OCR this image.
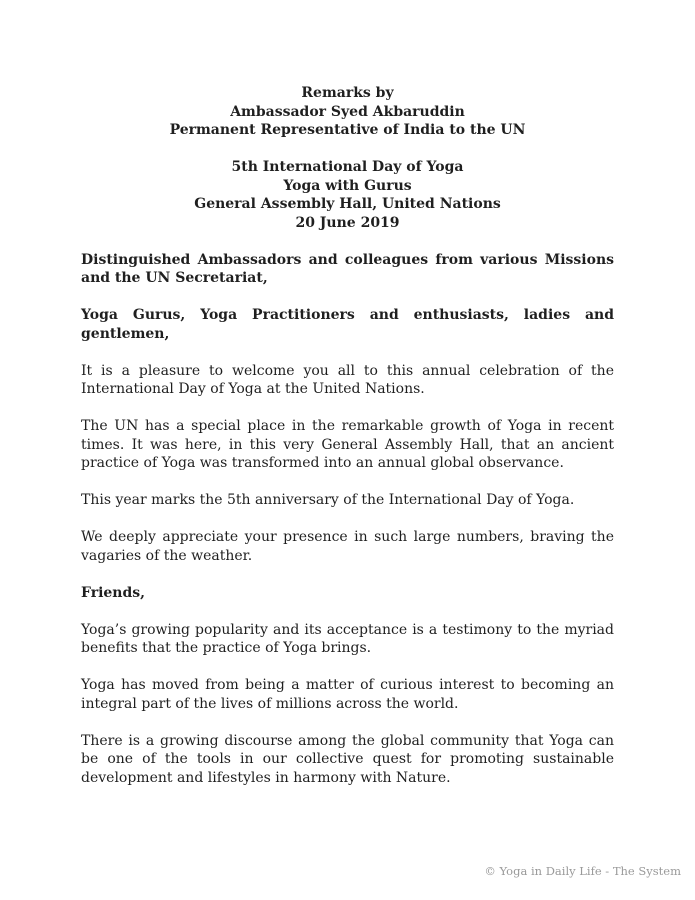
Remarks by

Ambassador Syed Akbaruddin

Permanent Representative of India to the UN

5th International Day of Yoga

Yoga with Gurus

General Assembly Hall, United Nations

20 June 2019

Distinguished Ambassadors and colleagues from various Missions and the UN Secretariat,

Yoga Gurus, Yoga Practitioners and enthusiasts, ladies and gentlemen,

It is a pleasure to welcome you all to this annual celebration of the International Day of Yoga at the United Nations.

The UN has a special place in the remarkable growth of Yoga in recent times. It was here, in this very General Assembly Hall, that an ancient practice of Yoga was transformed into an annual global observance.

This year marks the 5th anniversary of the International Day of Yoga.

We deeply appreciate your presence in such large numbers, braving the vagaries of the weather.

Friends,

Yoga’s growing popularity and its acceptance is a testimony to the myriad benefits that the practice of Yoga brings.

Yoga has moved from being a matter of curious interest to becoming an integral part of the lives of millions across the world.

There is a growing discourse among the global community that Yoga can be one of the tools in our collective quest for promoting sustainable development and lifestyles in harmony with Nature.

© Yoga in Daily Life - The System
